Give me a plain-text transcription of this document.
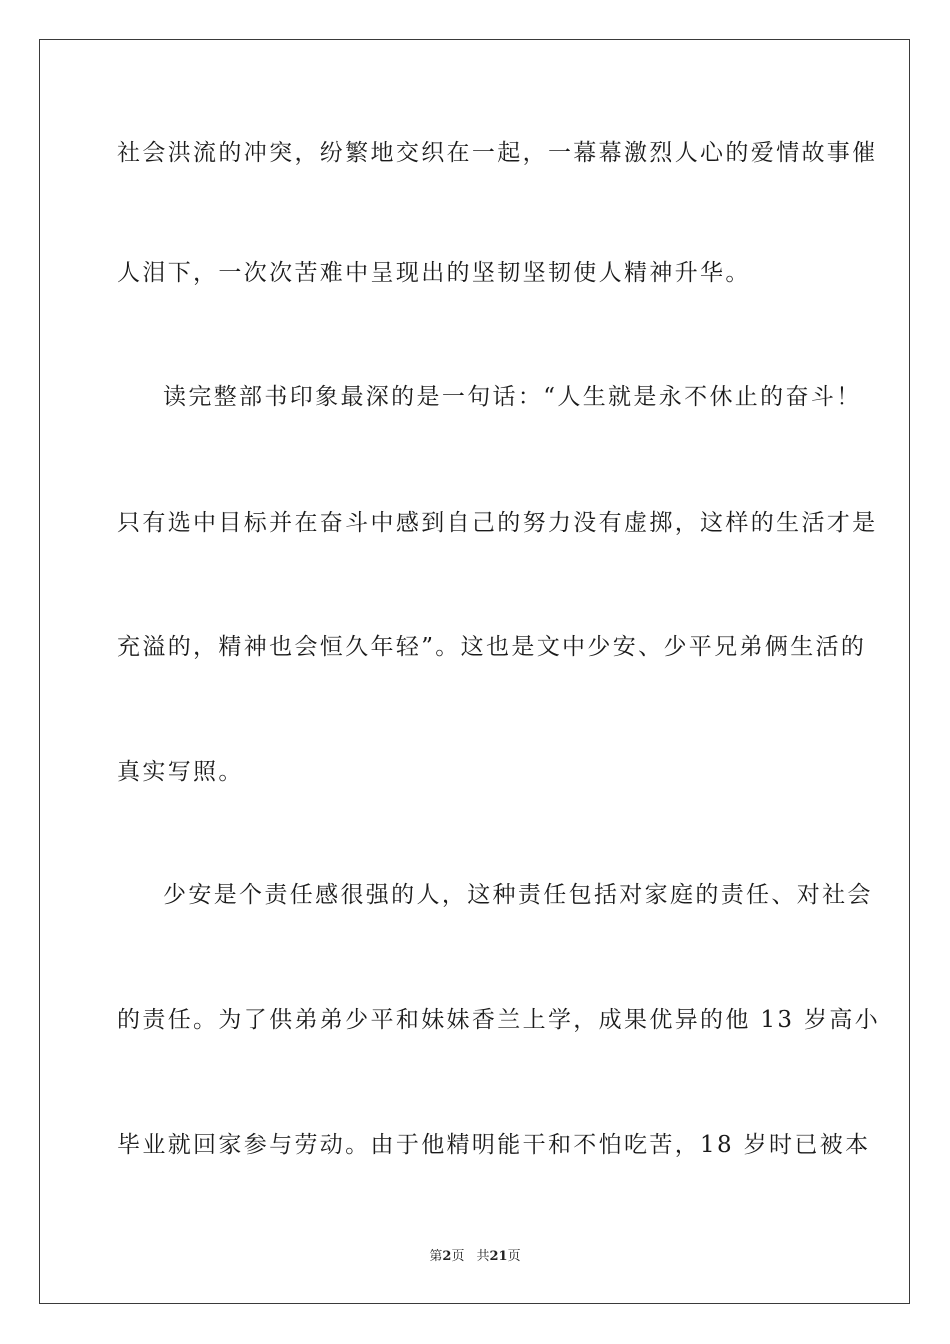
社会洪流的冲突，纷繁地交织在一起，一幕幕激烈人心的爱情故事催
人泪下，一次次苦难中呈现出的坚韧坚韧使人精神升华。
读完整部书印象最深的是一句话：“人生就是永不休止的奋斗！
只有选中目标并在奋斗中感到自己的努力没有虚掷，这样的生活才是
充溢的，精神也会恒久年轻”。这也是文中少安、少平兄弟俩生活的
真实写照。
少安是个责任感很强的人，这种责任包括对家庭的责任、对社会
的责任。为了供弟弟少平和妹妹香兰上学，成果优异的他 13 岁高小
毕业就回家参与劳动。由于他精明能干和不怕吃苦，18 岁时已被本
第2页 共21页
